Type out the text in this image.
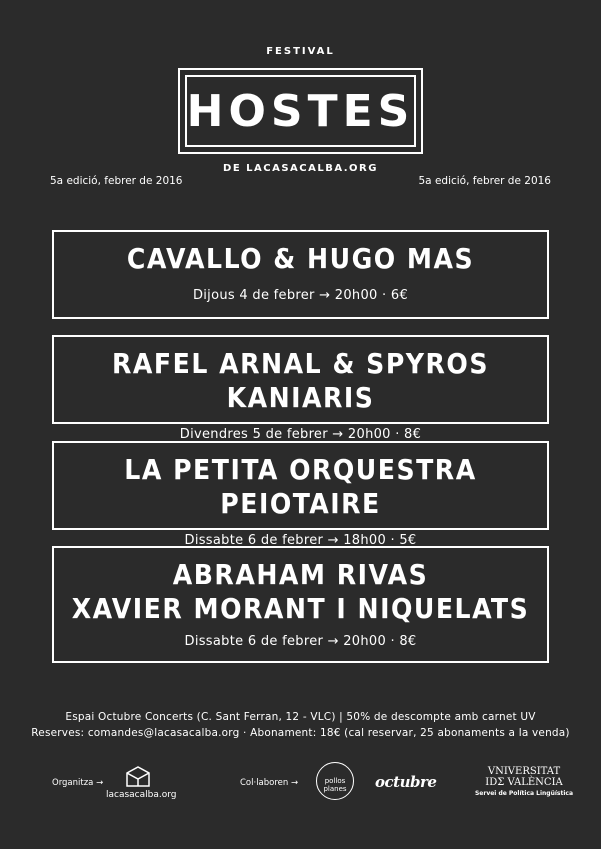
FESTIVAL
HOSTES
DE LACASACALBA.ORG
5a edició, febrer de 2016	5a edició, febrer de 2016
CAVALLO & HUGO MAS
Dijous 4 de febrer → 20h00 · 6€
RAFEL ARNAL & SPYROS KANIARIS
Divendres 5 de febrer → 20h00 · 8€
LA PETITA ORQUESTRA PEIOTAIRE
Dissabte 6 de febrer → 18h00 · 5€
ABRAHAM RIVAS
XAVIER MORANT I NIQUELATS
Dissabte 6 de febrer → 20h00 · 8€
Espai Octubre Concerts (C. Sant Ferran, 12 - VLC) | 50% de descompte amb carnet UV
Reserves: comandes@lacasacalba.org · Abonament: 18€ (cal reservar, 25 abonaments a la venda)
Organitza →
lacasacalba.org
Col·laboren →	pollos planes	octubre
VNIVERSITAT
IDΣ VALÈNCIA
Servei de Política Lingüística
